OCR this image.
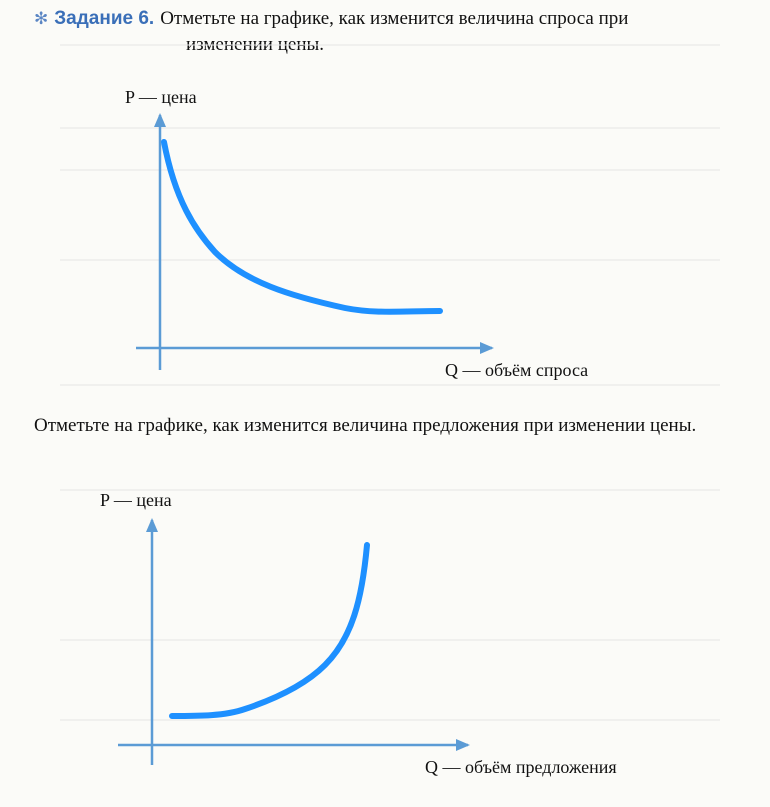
✻ Задание 6. Отметьте на графике, как изменится величина спроса при
изменении цены.
P — цена
Q — объём спроса
P — цена
Q — объём предложения
Отметьте на графике, как изменится величина предложения при изменении цены.
